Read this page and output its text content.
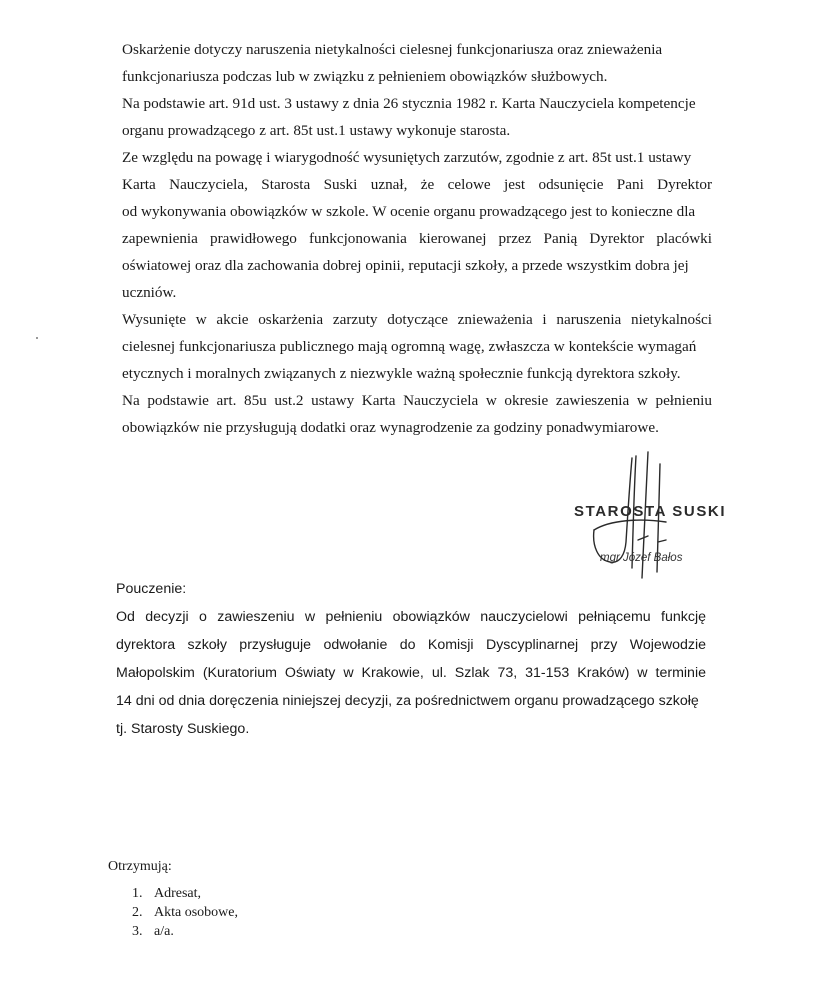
Oskarżenie dotyczy naruszenia nietykalności cielesnej funkcjonariusza oraz znieważenia

funkcjonariusza podczas lub w związku z pełnieniem obowiązków służbowych.

Na podstawie art. 91d ust. 3 ustawy z dnia 26 stycznia 1982 r. Karta Nauczyciela kompetencje

organu prowadzącego z art. 85t ust.1 ustawy wykonuje starosta.

Ze względu na powagę i wiarygodność wysuniętych zarzutów, zgodnie z art. 85t ust.1 ustawy

Karta Nauczyciela, Starosta Suski uznał, że celowe jest odsunięcie Pani Dyrektor

od wykonywania obowiązków w szkole. W ocenie organu prowadzącego jest to konieczne dla

zapewnienia prawidłowego funkcjonowania kierowanej przez Panią Dyrektor placówki

oświatowej oraz dla zachowania dobrej opinii, reputacji szkoły, a przede wszystkim dobra jej

uczniów.

Wysunięte w akcie oskarżenia zarzuty dotyczące znieważenia i naruszenia nietykalności

cielesnej funkcjonariusza publicznego mają ogromną wagę, zwłaszcza w kontekście wymagań

etycznych i moralnych związanych z niezwykle ważną społecznie funkcją dyrektora szkoły.

Na podstawie art. 85u ust.2 ustawy Karta Nauczyciela w okresie zawieszenia w pełnieniu

obowiązków nie przysługują dodatki oraz wynagrodzenie za godziny ponadwymiarowe.

STAROSTA SUSKI
mgr Józef Bałos

Pouczenie:

Od decyzji o zawieszeniu w pełnieniu obowiązków nauczycielowi pełniącemu funkcję

dyrektora szkoły przysługuje odwołanie do Komisji Dyscyplinarnej przy Wojewodzie

Małopolskim (Kuratorium Oświaty w Krakowie, ul. Szlak 73, 31-153 Kraków) w terminie

14 dni od dnia doręczenia niniejszej decyzji, za pośrednictwem organu prowadzącego szkołę

tj. Starosty Suskiego.

Otrzymują:
1. Adresat,
2. Akta osobowe,
3. a/a.
